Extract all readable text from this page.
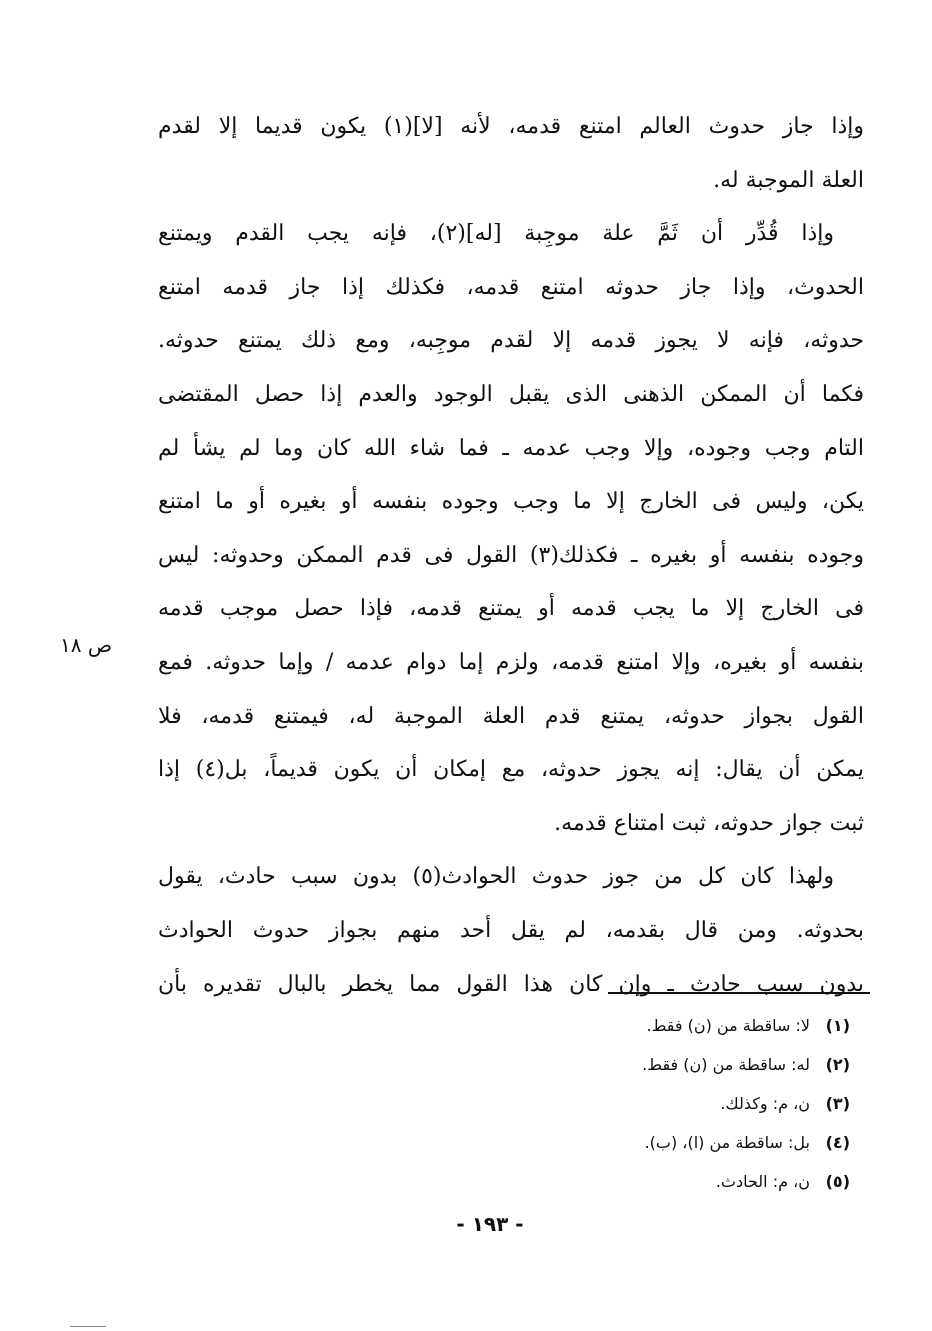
وإذا جاز حدوث العالم امتنع قدمه، لأنه [لا](١) يكون قديما إلا لقدم
العلة الموجبة له.
وإذا قُدِّر أن ثَمَّ علة موجِبة [له](٢)، فإنه يجب القدم ويمتنع
الحدوث، وإذا جاز حدوثه امتنع قدمه، فكذلك إذا جاز قدمه امتنع
حدوثه، فإنه لا يجوز قدمه إلا لقدم موجِبه، ومع ذلك يمتنع حدوثه.
فكما أن الممكن الذهنى الذى يقبل الوجود والعدم إذا حصل المقتضى
التام وجب وجوده، وإلا وجب عدمه ـ فما شاء الله كان وما لم يشأ لم
يكن، وليس فى الخارج إلا ما وجب وجوده بنفسه أو بغيره أو ما امتنع
وجوده بنفسه أو بغيره ـ فكذلك(٣) القول فى قدم الممكن وحدوثه: ليس
فى الخارج إلا ما يجب قدمه أو يمتنع قدمه، فإذا حصل موجب قدمه
بنفسه أو بغيره، وإلا امتنع قدمه، ولزم إما دوام عدمه / وإما حدوثه. فمع
القول بجواز حدوثه، يمتنع قدم العلة الموجبة له، فيمتنع قدمه، فلا
يمكن أن يقال: إنه يجوز حدوثه، مع إمكان أن يكون قديماً، بل(٤) إذا
ثبت جواز حدوثه، ثبت امتناع قدمه.
ولهذا كان كل من جوز حدوث الحوادث(٥) بدون سبب حادث، يقول
بحدوثه. ومن قال بقدمه، لم يقل أحد منهم بجواز حدوث الحوادث
بدون سبب حادث ـ وإن كان هذا القول مما يخطر بالبال تقديره بأن
ص ١٨
(١)لا: ساقطة من (ن) فقط.
(٢)له: ساقطة من (ن) فقط.
(٣)ن، م: وكذلك.
(٤)بل: ساقطة من (ا)، (ب).
(٥)ن، م: الحادث.
- ١٩٣ -
